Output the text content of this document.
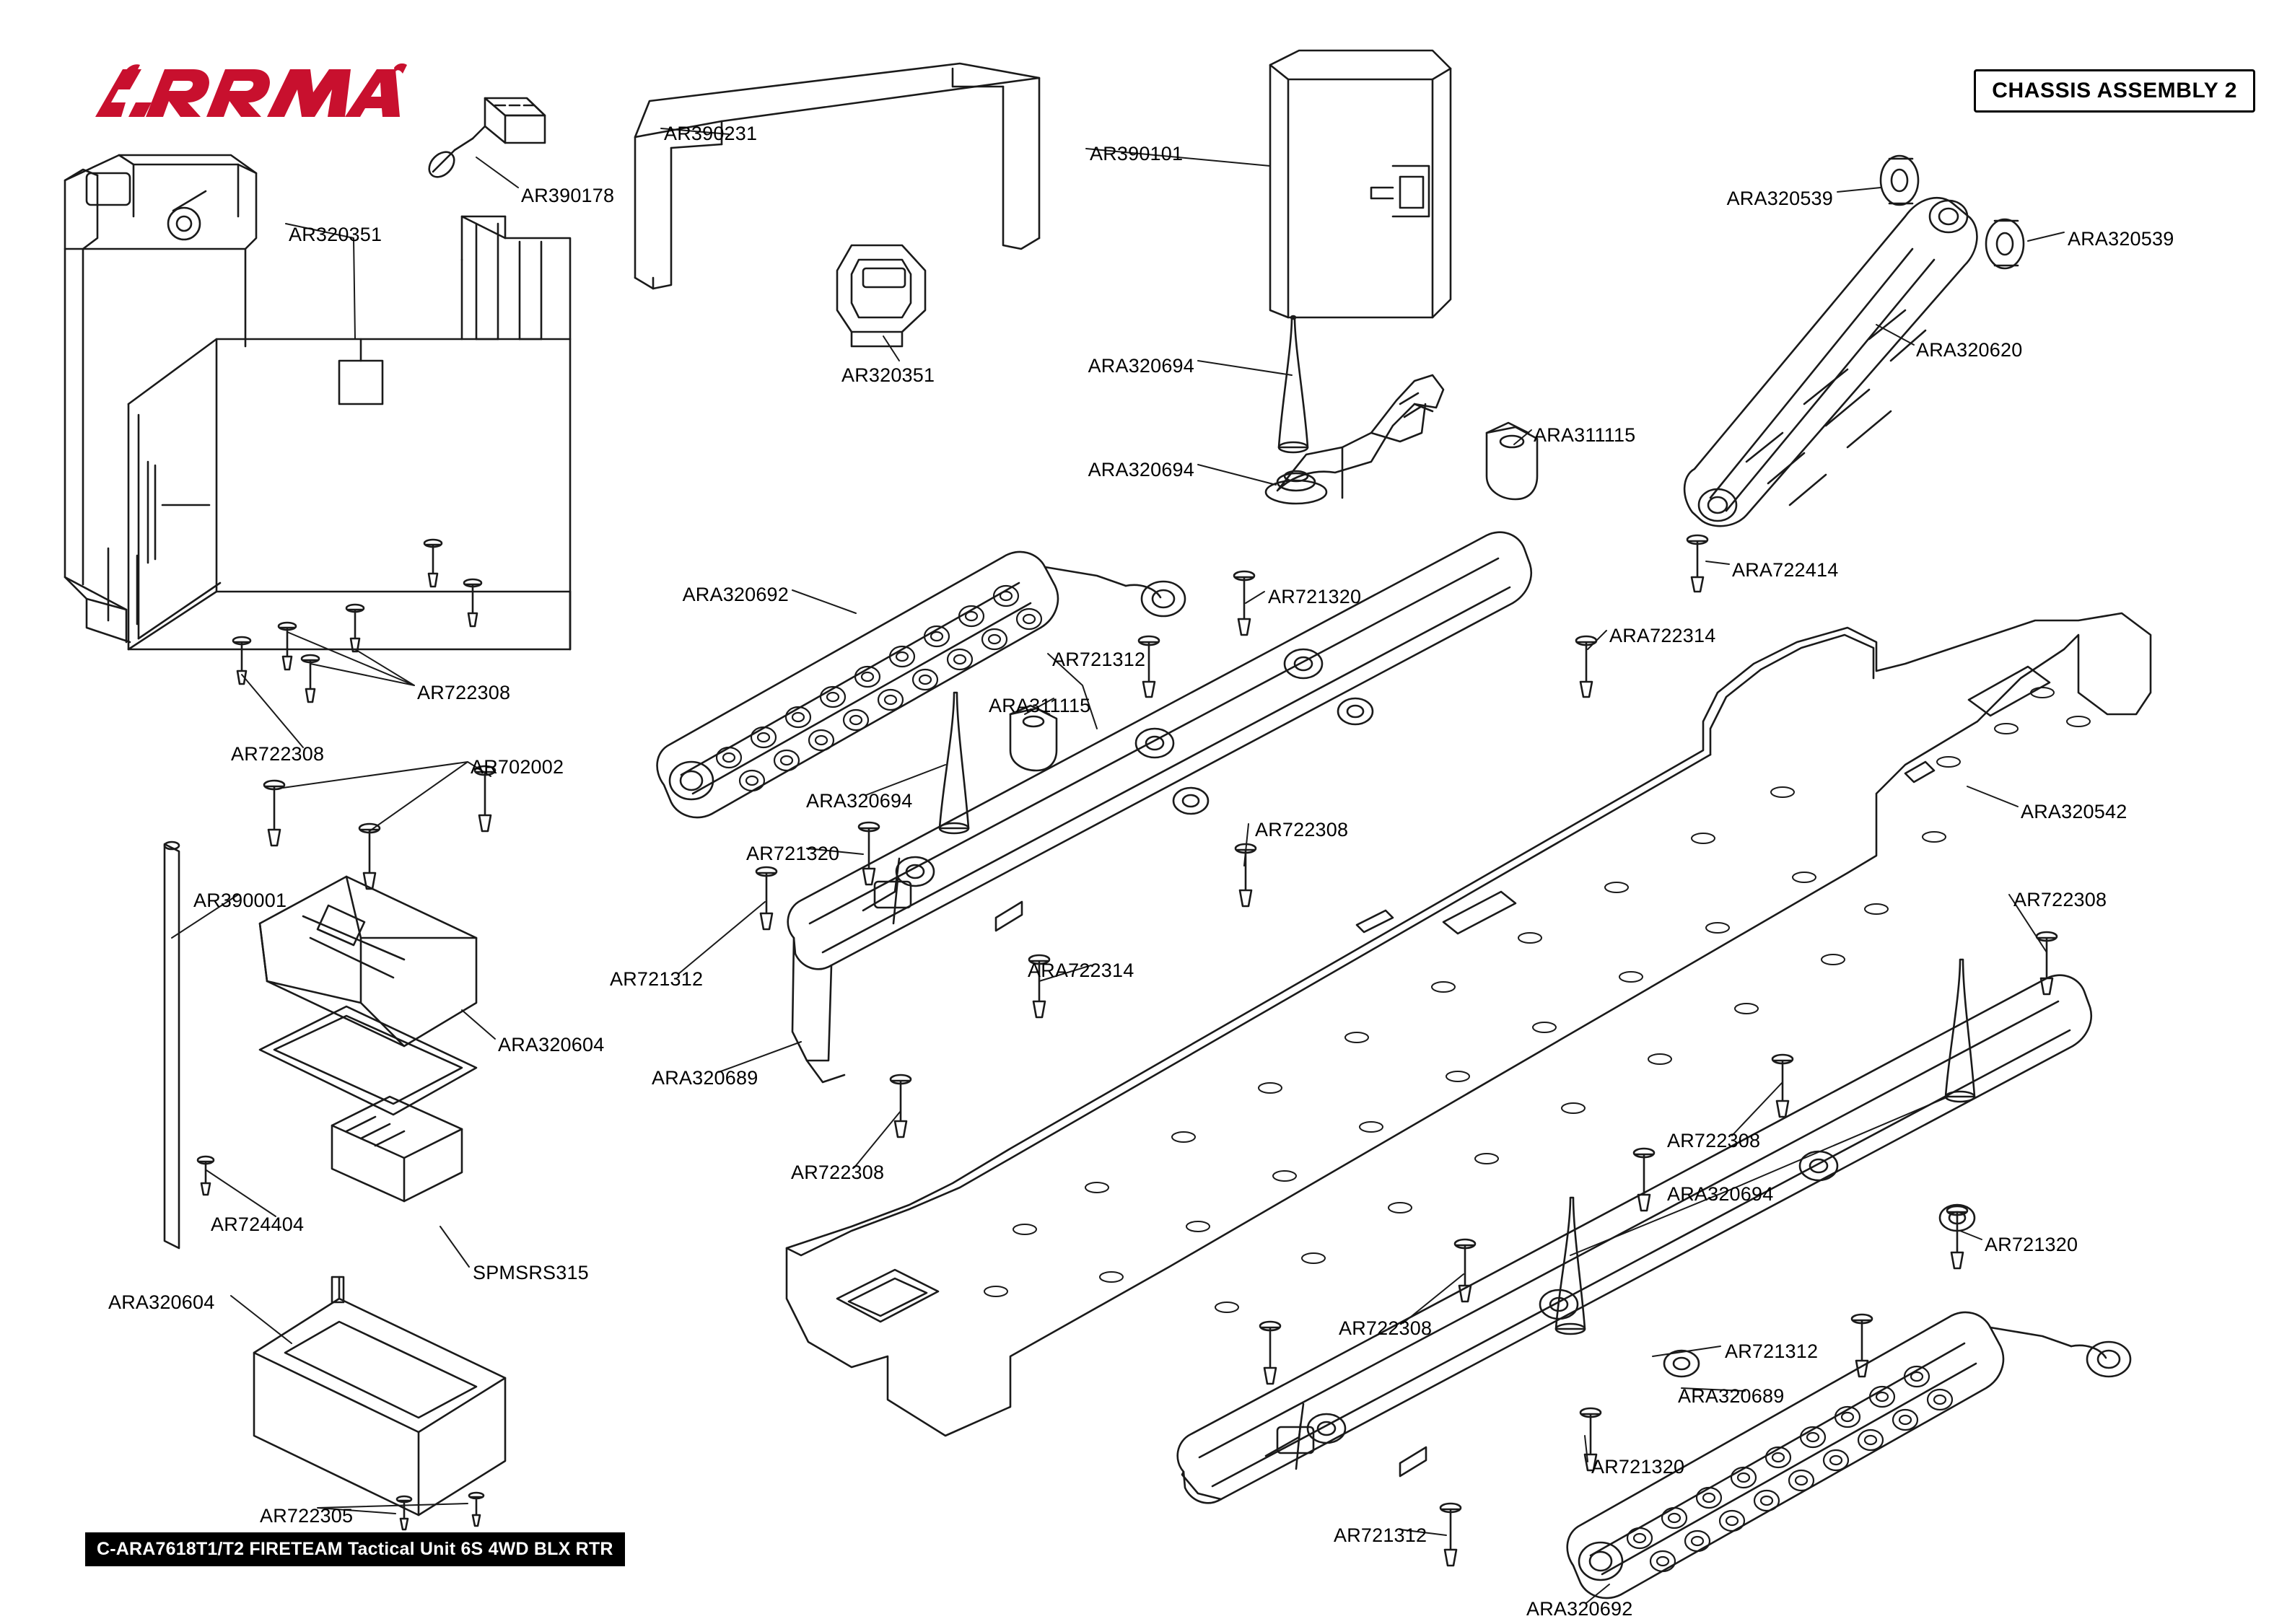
CHASSIS ASSEMBLY 2
C-ARA7618T1/T2 FIRETEAM Tactical Unit 6S 4WD BLX RTR
AR390178
AR320351
AR390231
AR320351
AR390101
ARA320694
ARA320694
ARA311115
ARA320539
ARA320539
ARA320620
ARA722414
ARA722314
AR722308
AR722308
AR702002
AR390001
ARA320604
AR724404
SPMSRS315
ARA320604
AR722305
ARA320692
AR721312
ARA311115
AR721320
ARA320694
AR721320
AR722308
AR721312	ARA722314
ARA320689
AR722308
ARA320542
AR722308
AR722308
ARA320694
AR721320
AR722308
AR721312
ARA320689
AR721320
AR721312
ARA320692
